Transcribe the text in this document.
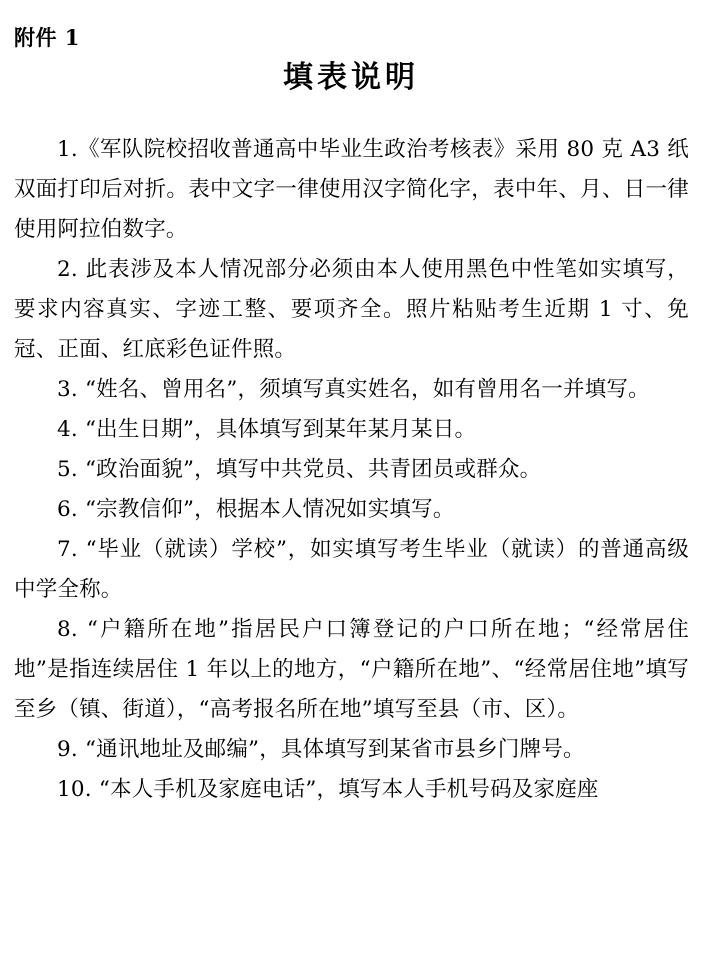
附件 1
填表说明

1.《军队院校招收普通高中毕业生政治考核表》采用 80 克 A3 纸双面打印后对折。表中文字一律使用汉字简化字，表中年、月、日一律使用阿拉伯数字。

2. 此表涉及本人情况部分必须由本人使用黑色中性笔如实填写，要求内容真实、字迹工整、要项齐全。照片粘贴考生近期 1 寸、免冠、正面、红底彩色证件照。

3. “姓名、曾用名”，须填写真实姓名，如有曾用名一并填写。

4. “出生日期”，具体填写到某年某月某日。

5. “政治面貌”，填写中共党员、共青团员或群众。

6. “宗教信仰”，根据本人情况如实填写。

7. “毕业（就读）学校”，如实填写考生毕业（就读）的普通高级中学全称。

8. “户籍所在地”指居民户口簿登记的户口所在地；“经常居住地”是指连续居住 1 年以上的地方，“户籍所在地”、“经常居住地”填写至乡（镇、街道），“高考报名所在地”填写至县（市、区）。

9. “通讯地址及邮编”，具体填写到某省市县乡门牌号。

10. “本人手机及家庭电话”，填写本人手机号码及家庭座
